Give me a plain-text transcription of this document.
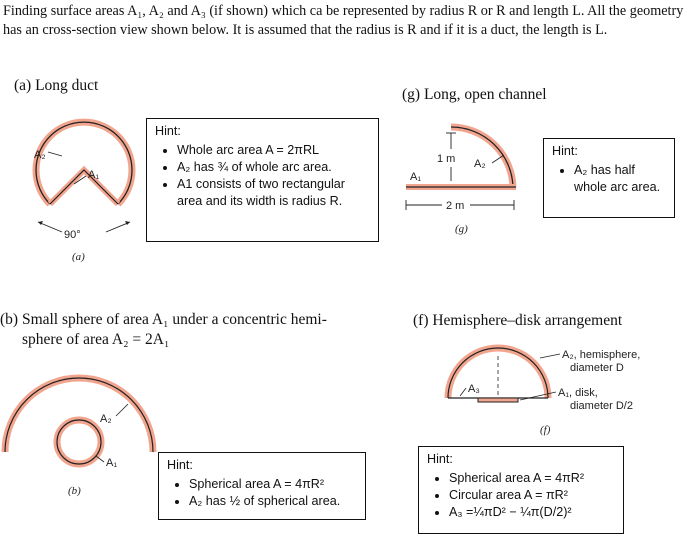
Finding surface areas A₁, A₂ and A₃ (if shown) which ca be represented by radius R or R and length L. All the geometry has an cross-section view shown below. It is assumed that the radius is R and if it is a duct, the length is L.
(a) Long duct
A₂
A₁
90°
(a)
Hint:
• Whole arc area A = 2πRL
• A₂ has ¾ of whole arc area.
• A1 consists of two rectangular area and its width is radius R.
(g) Long, open channel
1 m A₂
A₁
2 m
(g)
Hint:
• A₂ has half whole arc area.
(b) Small sphere of area A₁ under a concentric hemi-
sphere of area A₂ = 2A₁
A₂
A₁
(b)
Hint:
• Spherical area A = 4πR²
• A₂ has ½ of spherical area.
(f) Hemisphere–disk arrangement
A₃
A₂, hemisphere,
diameter D
A₁, disk,
diameter D/2
(f)
Hint:
• Spherical area A = 4πR²
• Circular area A = πR²
• A₃ =¼πD² − ¼π(D/2)²
